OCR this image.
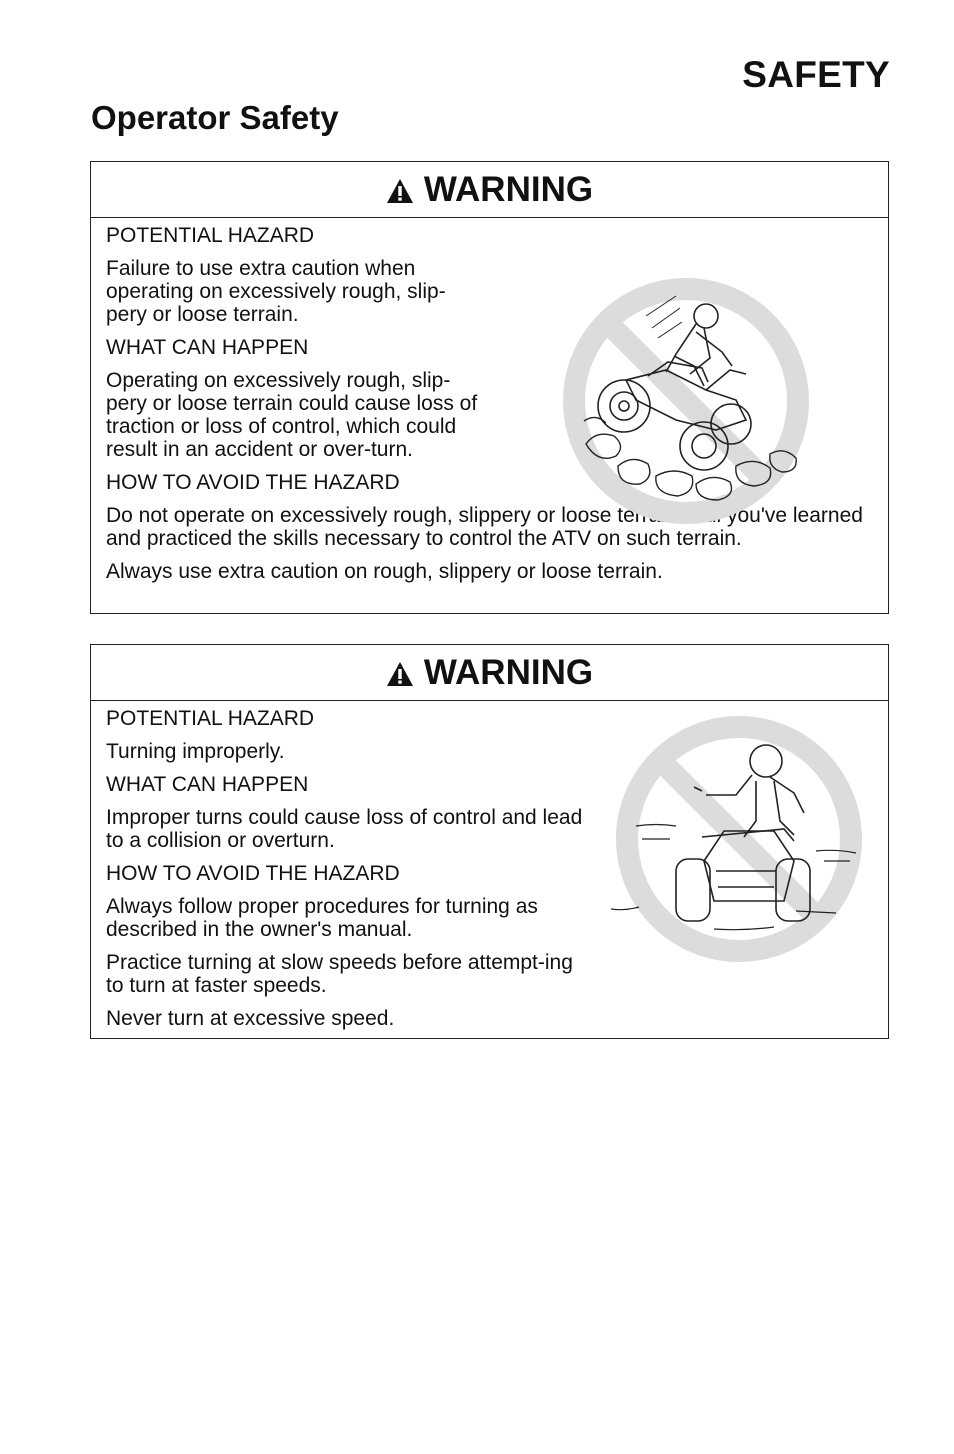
SAFETY
Operator Safety
WARNING

POTENTIAL HAZARD

Failure to use extra caution when operating on excessively rough, slip-pery or loose terrain.

WHAT CAN HAPPEN

Operating on excessively rough, slip-pery or loose terrain could cause loss of traction or loss of control, which could result in an accident or over-turn.

HOW TO AVOID THE HAZARD

Do not operate on excessively rough, slippery or loose terrain until you've learned and practiced the skills necessary to control the ATV on such terrain.

Always use extra caution on rough, slippery or loose terrain.

WARNING

POTENTIAL HAZARD

Turning improperly.

WHAT CAN HAPPEN

Improper turns could cause loss of control and lead to a collision or overturn.

HOW TO AVOID THE HAZARD

Always follow proper procedures for turning as described in the owner's manual.

Practice turning at slow speeds before attempt-ing to turn at faster speeds.

Never turn at excessive speed.
